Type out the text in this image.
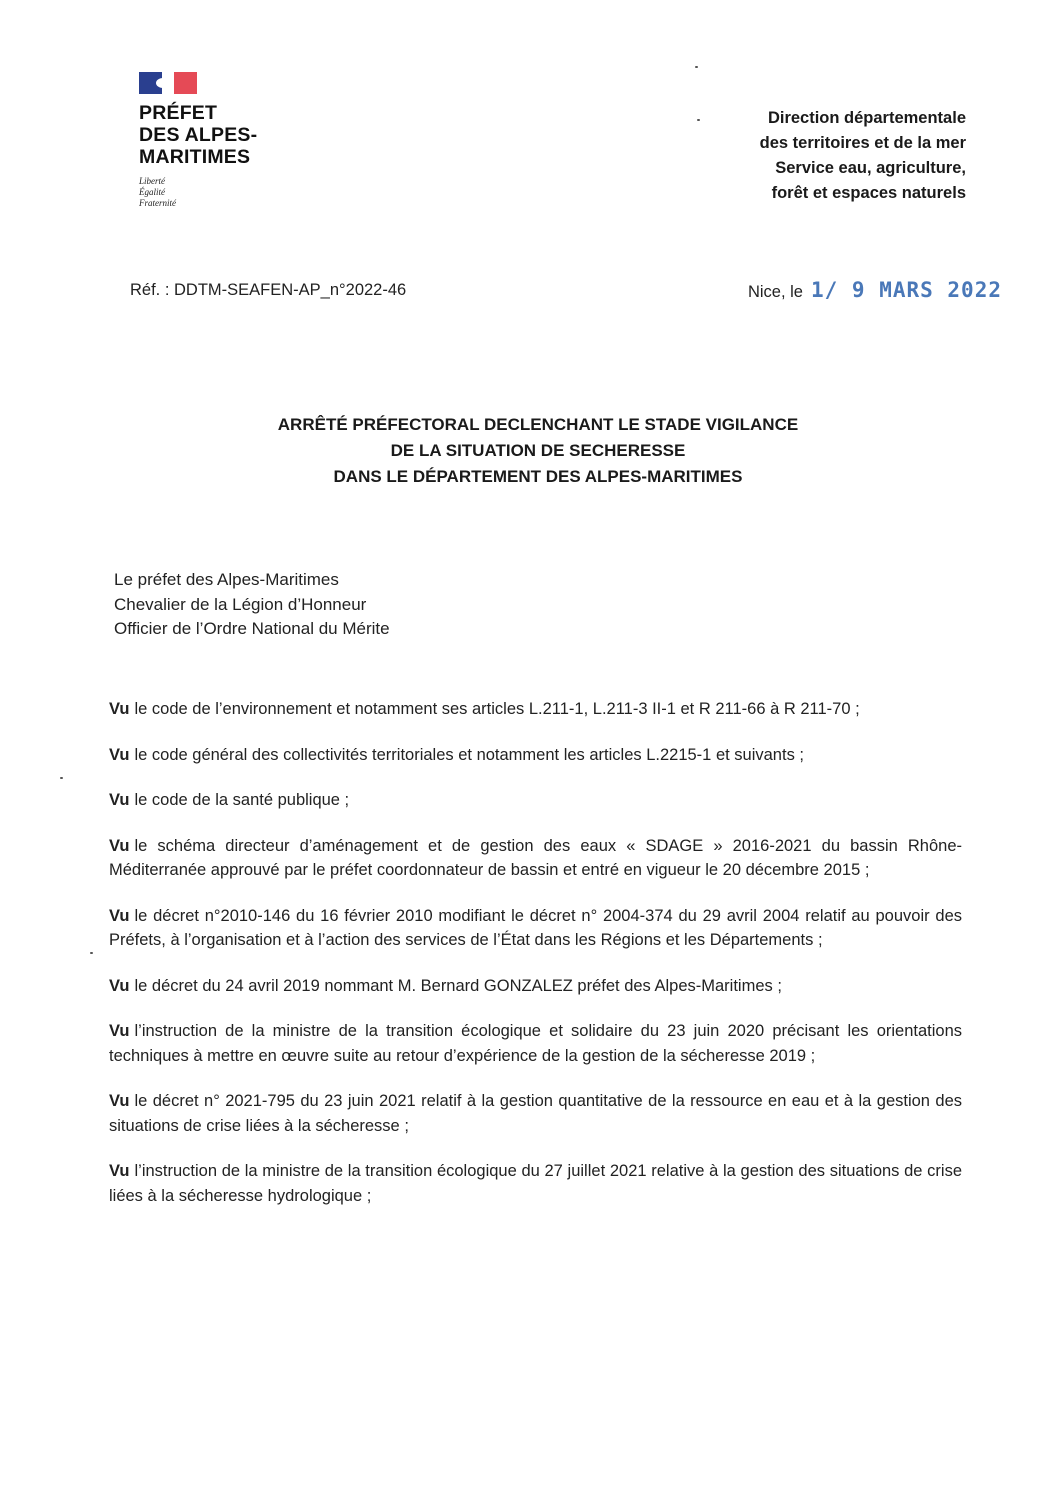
PRÉFET
DES ALPES-
MARITIMES
Liberté
Égalité
Fraternité
Direction départementale
des territoires et de la mer
Service eau, agriculture,
forêt et espaces naturels
Réf. : DDTM-SEAFEN-AP_n°2022-46	Nice, le 1/ 9 MARS 2022
ARRÊTÉ PRÉFECTORAL DECLENCHANT LE STADE VIGILANCE
DE LA SITUATION DE SECHERESSE
DANS LE DÉPARTEMENT DES ALPES-MARITIMES
Le préfet des Alpes-Maritimes
Chevalier de la Légion d’Honneur
Officier de l’Ordre National du Mérite

Vu le code de l’environnement et notamment ses articles L.211-1, L.211-3 II-1 et R 211-66 à R 211-70 ;

Vu le code général des collectivités territoriales et notamment les articles L.2215-1 et suivants ;

Vu le code de la santé publique ;

Vu le schéma directeur d’aménagement et de gestion des eaux « SDAGE » 2016-2021 du bassin Rhône-Méditerranée approuvé par le préfet coordonnateur de bassin et entré en vigueur le 20 décembre 2015 ;

Vu le décret n°2010-146 du 16 février 2010 modifiant le décret n° 2004-374 du 29 avril 2004 relatif au pouvoir des Préfets, à l’organisation et à l’action des services de l’État dans les Régions et les Départements ;

Vu le décret du 24 avril 2019 nommant M. Bernard GONZALEZ préfet des Alpes-Maritimes ;

Vu l’instruction de la ministre de la transition écologique et solidaire du 23 juin 2020 précisant les orientations techniques à mettre en œuvre suite au retour d’expérience de la gestion de la sécheresse 2019 ;

Vu le décret n° 2021-795 du 23 juin 2021 relatif à la gestion quantitative de la ressource en eau et à la gestion des situations de crise liées à la sécheresse ;

Vu l’instruction de la ministre de la transition écologique du 27 juillet 2021 relative à la gestion des situations de crise liées à la sécheresse hydrologique ;
